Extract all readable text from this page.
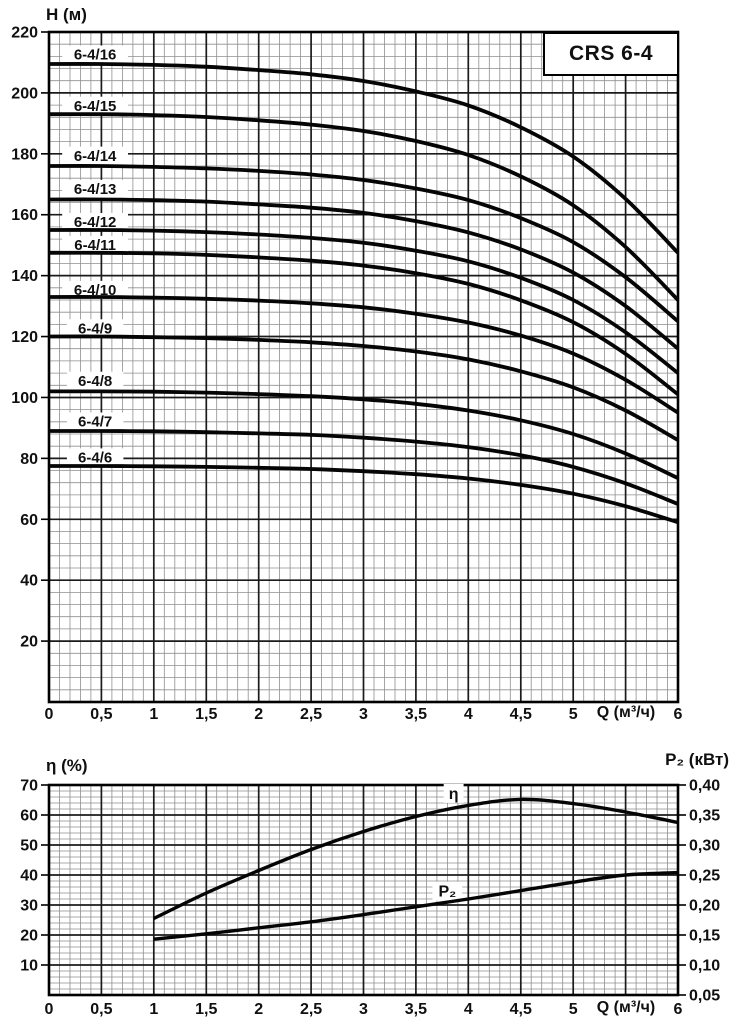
220
200
180
160
140
120
100
80
60
40
20
0 0,5 1 1,5 2 2,5 3 3,5 4 4,5 5	6
6-4/16
6-4/15
6-4/14
6-4/13
6-4/12
6-4/11
6-4/10
6-4/9
6-4/8
6-4/7
6-4/6
70
60
50
40
30
20
10
0,40
0,35
0,30
0,25
0,20
0,15
0,10
0,05
0 0,5 1 1,5 2 2,5 3 3,5 4 4,5 5	6
η
P₂
H (м)
Q (м³/ч)
CRS 6-4
η (%)	P₂ (кВт)
Q (м³/ч)
